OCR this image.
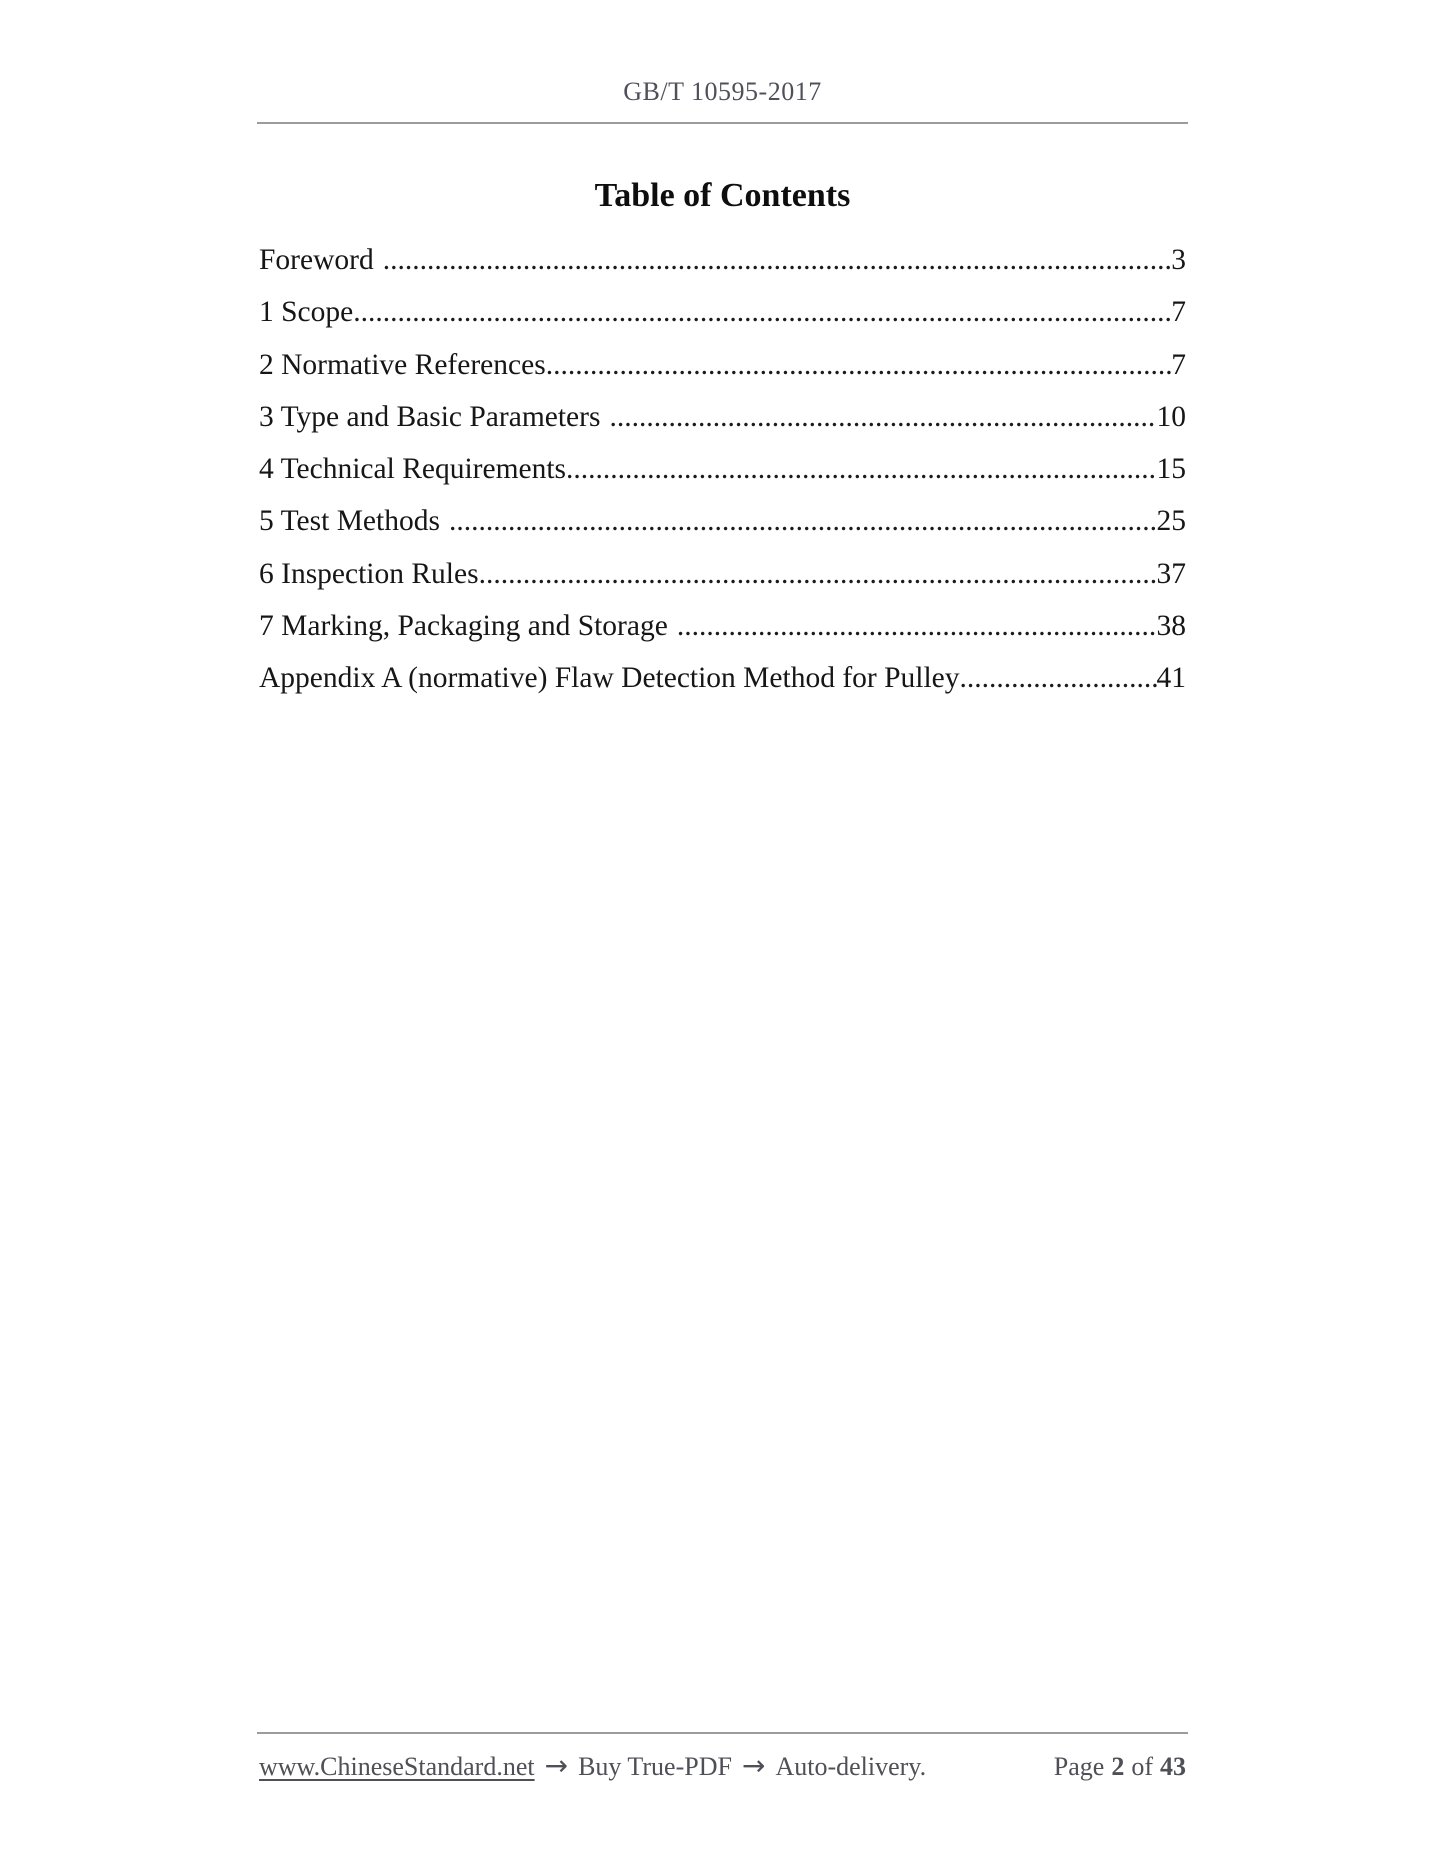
GB/T 10595-2017
Table of Contents
Foreword .....	3
1 Scope .....	7
2 Normative References .....	7
3 Type and Basic Parameters .....	10
4 Technical Requirements .....	15
5 Test Methods .....	25
6 Inspection Rules .....	37
7 Marking, Packaging and Storage .....	38
Appendix A (normative) Flaw Detection Method for Pulley .....	41
www.ChineseStandard.net → Buy True-PDF → Auto-delivery.	Page 2 of 43
